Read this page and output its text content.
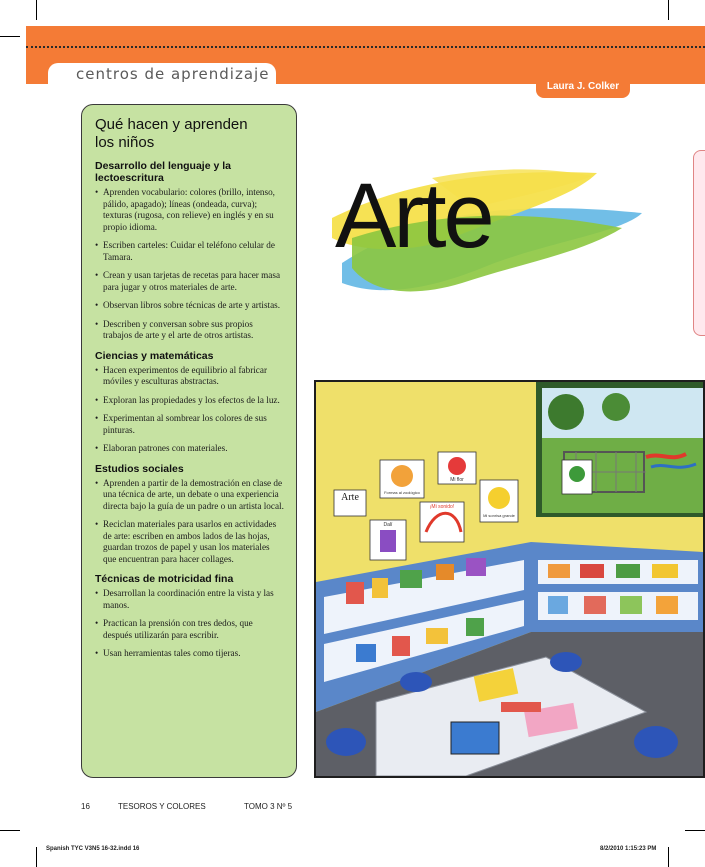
centros de aprendizaje
Laura J. Colker
Qué hacen y aprenden
los niños
Desarrollo del lenguaje y la lectoescritura
• Aprenden vocabulario: colores (brillo, intenso, pálido, apagado); líneas (ondeada, curva); texturas (rugosa, con relieve) en inglés y en su propio idioma.
• Escriben carteles: Cuidar el teléfono celular de Tamara.
• Crean y usan tarjetas de recetas para hacer masa para jugar y otros materiales de arte.
• Observan libros sobre técnicas de arte y artistas.
• Describen y conversan sobre sus propios trabajos de arte y el arte de otros artistas.
Ciencias y matemáticas
• Hacen experimentos de equilibrio al fabricar móviles y esculturas abstractas.
• Exploran las propiedades y los efectos de la luz.
• Experimentan al sombrear los colores de sus pinturas.
• Elaboran patrones con materiales.
Estudios sociales
• Aprenden a partir de la demostración en clase de una técnica de arte, un debate o una experiencia directa bajo la guía de un padre o un artista local.
• Reciclan materiales para usarlos en actividades de arte: escriben en ambos lados de las hojas, guardan trozos de papel y usan los materiales que encuentran para hacer collages.
Técnicas de motricidad fina
• Desarrollan la coordinación entre la vista y las manos.
• Practican la prensión con tres dedos, que después utilizarán para escribir.
• Usan herramientas tales como tijeras.
Arte
Arte	Formas al zoológico
Mi flor
¡Mi sonido!
Dalí
Mi sonrisa grande
16	TESOROS Y COLORES	TOMO 3 Nº 5
Spanish TYC V3N5 16-32.indd 16	8/2/2010 1:15:23 PM
